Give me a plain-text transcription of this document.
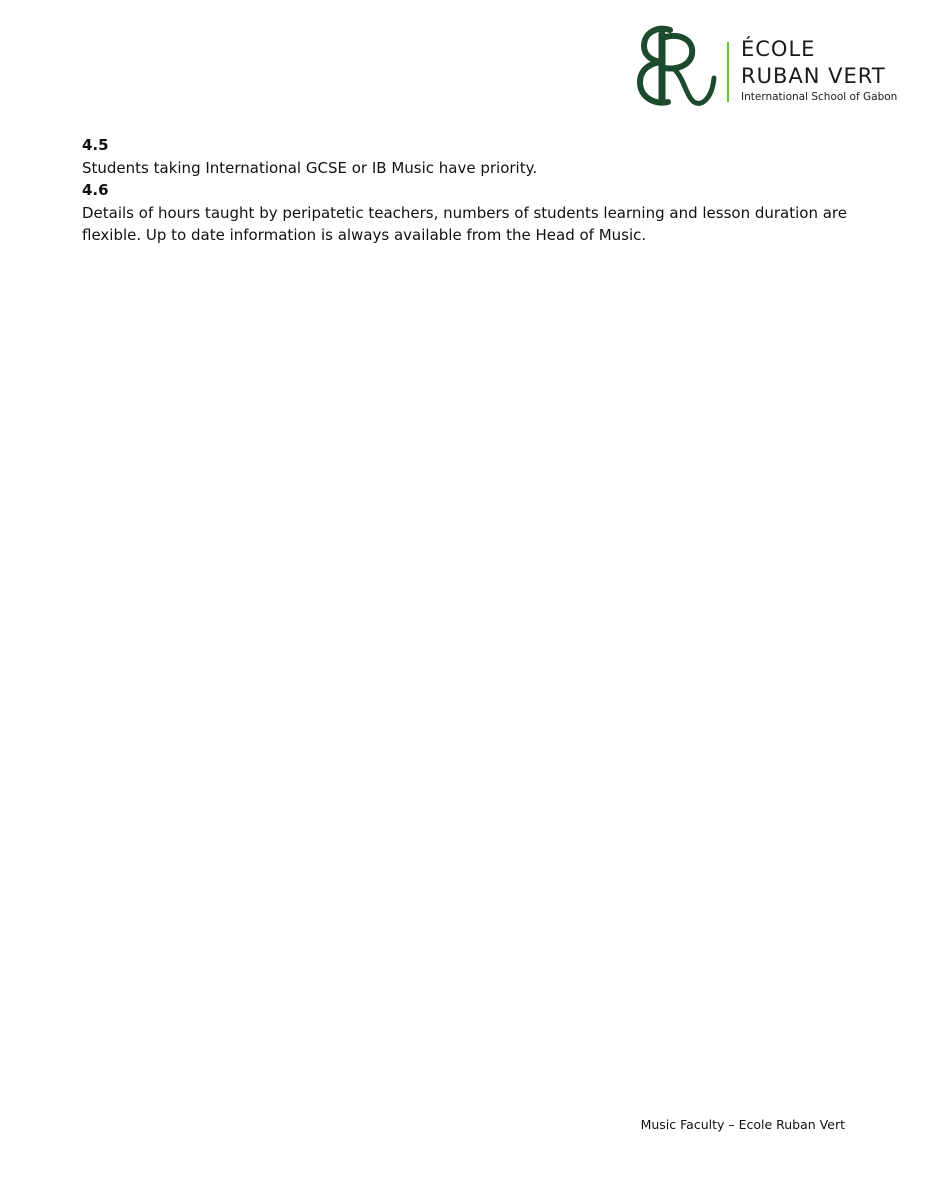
ÉCOLE
RUBAN VERT
International School of Gabon
4.5

Students taking International GCSE or IB Music have priority.

4.6

Details of hours taught by peripatetic teachers, numbers of students learning and lesson duration are flexible. Up to date information is always available from the Head of Music.

Music Faculty – Ecole Ruban Vert
